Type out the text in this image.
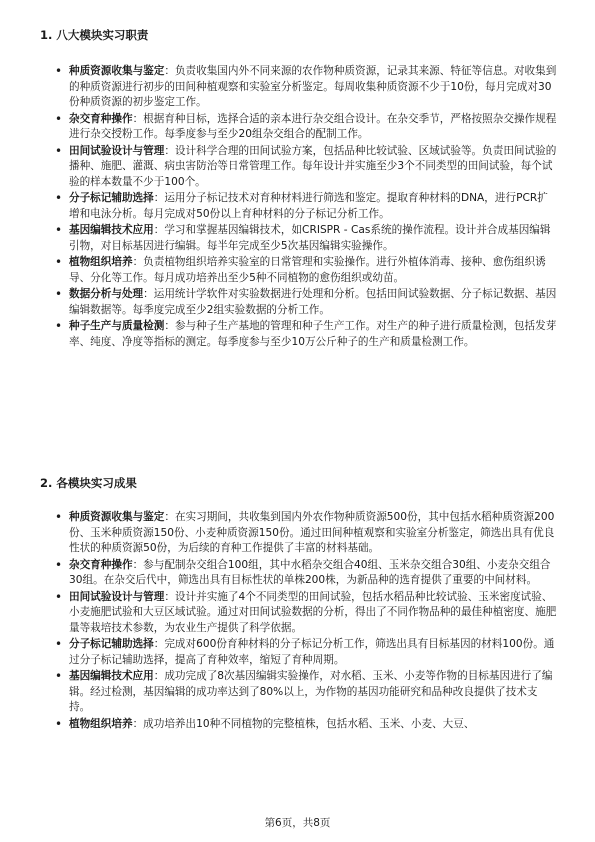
1. 八大模块实习职责
• 种质资源收集与鉴定：负责收集国内外不同来源的农作物种质资源，记录其来源、特征等信息。对收集到的种质资源进行初步的田间种植观察和实验室分析鉴定。每周收集种质资源不少于10份，每月完成对30份种质资源的初步鉴定工作。
• 杂交育种操作：根据育种目标，选择合适的亲本进行杂交组合设计。在杂交季节，严格按照杂交操作规程进行杂交授粉工作。每季度参与至少20组杂交组合的配制工作。
• 田间试验设计与管理：设计科学合理的田间试验方案，包括品种比较试验、区域试验等。负责田间试验的播种、施肥、灌溉、病虫害防治等日常管理工作。每年设计并实施至少3个不同类型的田间试验，每个试验的样本数量不少于100个。
• 分子标记辅助选择：运用分子标记技术对育种材料进行筛选和鉴定。提取育种材料的DNA，进行PCR扩增和电泳分析。每月完成对50份以上育种材料的分子标记分析工作。
• 基因编辑技术应用：学习和掌握基因编辑技术，如CRISPR - Cas系统的操作流程。设计并合成基因编辑引物，对目标基因进行编辑。每半年完成至少5次基因编辑实验操作。
• 植物组织培养：负责植物组织培养实验室的日常管理和实验操作。进行外植体消毒、接种、愈伤组织诱导、分化等工作。每月成功培养出至少5种不同植物的愈伤组织或幼苗。
• 数据分析与处理：运用统计学软件对实验数据进行处理和分析。包括田间试验数据、分子标记数据、基因编辑数据等。每季度完成至少2组实验数据的分析工作。
• 种子生产与质量检测：参与种子生产基地的管理和种子生产工作。对生产的种子进行质量检测，包括发芽率、纯度、净度等指标的测定。每季度参与至少10万公斤种子的生产和质量检测工作。
2. 各模块实习成果
• 种质资源收集与鉴定：在实习期间，共收集到国内外农作物种质资源500份，其中包括水稻种质资源200份、玉米种质资源150份、小麦种质资源150份。通过田间种植观察和实验室分析鉴定，筛选出具有优良性状的种质资源50份，为后续的育种工作提供了丰富的材料基础。
• 杂交育种操作：参与配制杂交组合100组，其中水稻杂交组合40组、玉米杂交组合30组、小麦杂交组合30组。在杂交后代中，筛选出具有目标性状的单株200株，为新品种的选育提供了重要的中间材料。
• 田间试验设计与管理：设计并实施了4个不同类型的田间试验，包括水稻品种比较试验、玉米密度试验、小麦施肥试验和大豆区域试验。通过对田间试验数据的分析，得出了不同作物品种的最佳种植密度、施肥量等栽培技术参数，为农业生产提供了科学依据。
• 分子标记辅助选择：完成对600份育种材料的分子标记分析工作，筛选出具有目标基因的材料100份。通过分子标记辅助选择，提高了育种效率，缩短了育种周期。
• 基因编辑技术应用：成功完成了8次基因编辑实验操作，对水稻、玉米、小麦等作物的目标基因进行了编辑。经过检测，基因编辑的成功率达到了80%以上，为作物的基因功能研究和品种改良提供了技术支持。
• 植物组织培养：成功培养出10种不同植物的完整植株，包括水稻、玉米、小麦、大豆、
第6页，共8页
